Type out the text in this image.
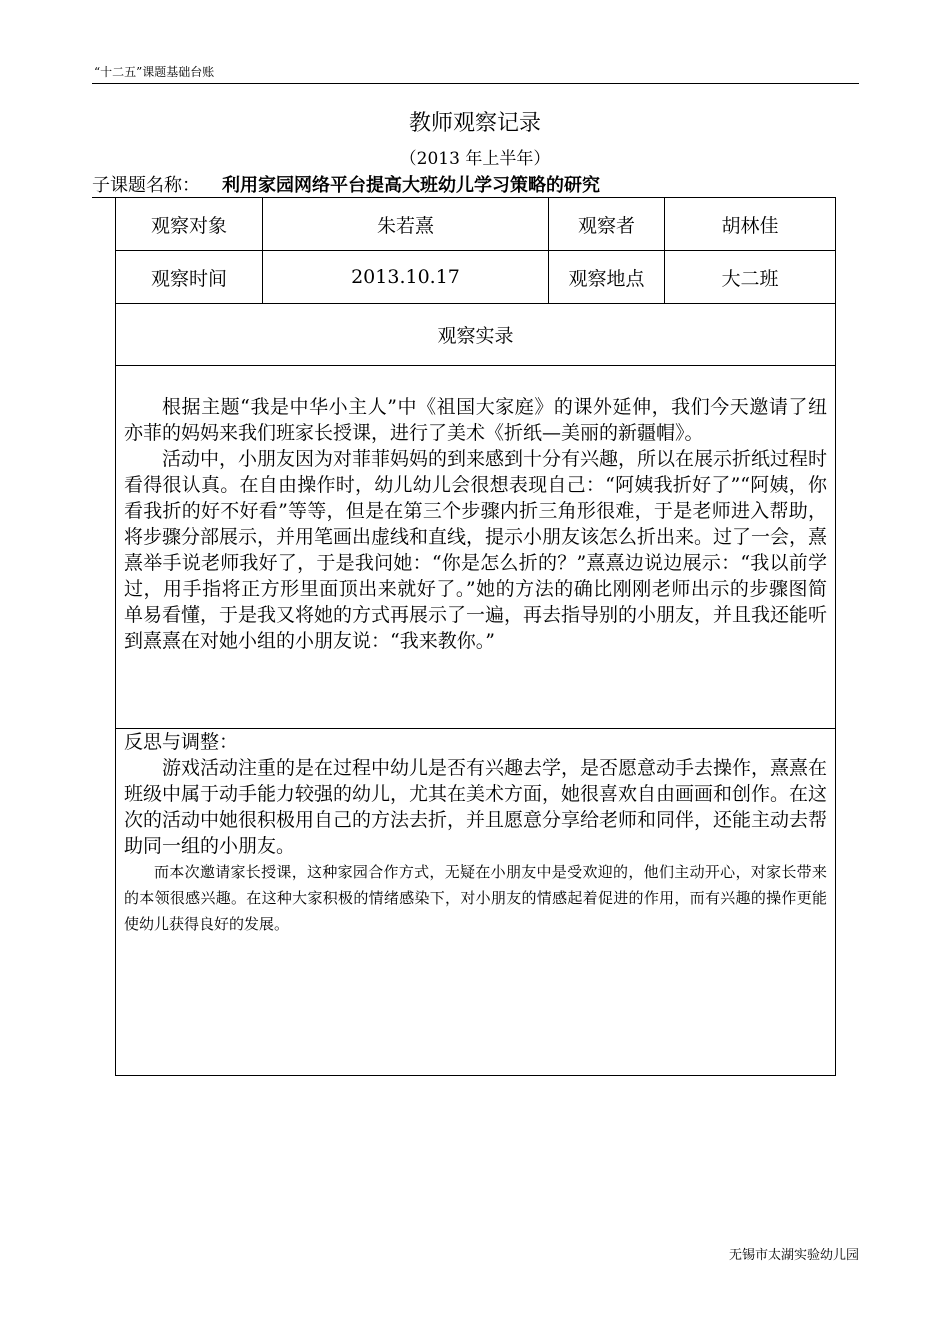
“十二五”课题基础台账
教师观察记录
（2013 年上半年）
子课题名称： 利用家园网络平台提高大班幼儿学习策略的研究
观察对象	朱若熹	观察者	胡林佳
观察时间	2013.10.17	观察地点	大二班
观察实录			

根据主题“我是中华小主人”中《祖国大家庭》的课外延伸，我们今天邀请了纽亦菲的妈妈来我们班家长授课，进行了美术《折纸—美丽的新疆帽》。

活动中，小朋友因为对菲菲妈妈的到来感到十分有兴趣，所以在展示折纸过程时看得很认真。在自由操作时，幼儿幼儿会很想表现自己：“阿姨我折好了”“阿姨，你看我折的好不好看”等等，但是在第三个步骤内折三角形很难，于是老师进入帮助，将步骤分部展示，并用笔画出虚线和直线，提示小朋友该怎么折出来。过了一会，熹熹举手说老师我好了，于是我问她：“你是怎么折的？”熹熹边说边展示：“我以前学过，用手指将正方形里面顶出来就好了。”她的方法的确比刚刚老师出示的步骤图简单易看懂，于是我又将她的方式再展示了一遍，再去指导别的小朋友，并且我还能听到熹熹在对她小组的小朋友说：“我来教你。”			

反思与调整：

游戏活动注重的是在过程中幼儿是否有兴趣去学，是否愿意动手去操作，熹熹在班级中属于动手能力较强的幼儿，尤其在美术方面，她很喜欢自由画画和创作。在这次的活动中她很积极用自己的方法去折，并且愿意分享给老师和同伴，还能主动去帮助同一组的小朋友。

而本次邀请家长授课，这种家园合作方式，无疑在小朋友中是受欢迎的，他们主动开心，对家长带来的本领很感兴趣。在这种大家积极的情绪感染下，对小朋友的情感起着促进的作用，而有兴趣的操作更能使幼儿获得良好的发展。			

无锡市太湖实验幼儿园
